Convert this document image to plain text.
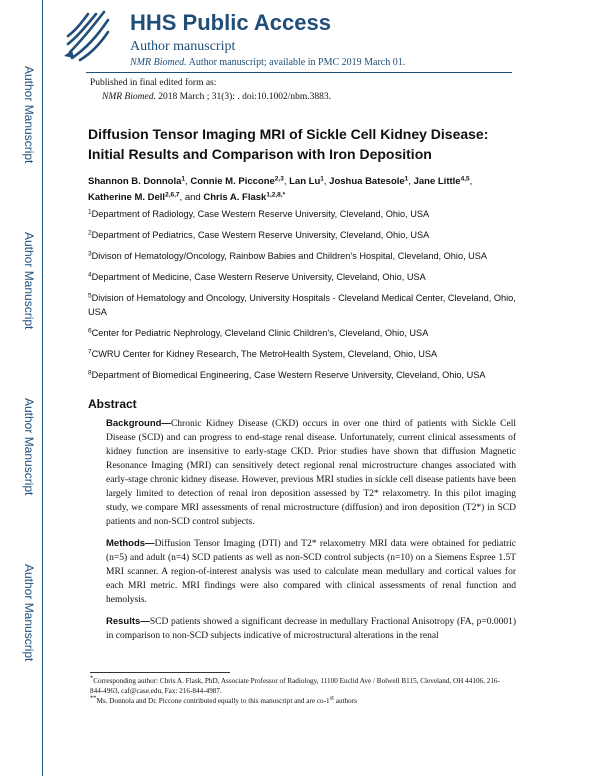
Author Manuscript
Author Manuscript
Author Manuscript
Author Manuscript
HHS Public Access
Author manuscript
NMR Biomed. Author manuscript; available in PMC 2019 March 01.
Published in final edited form as:
NMR Biomed. 2018 March ; 31(3): . doi:10.1002/nbm.3883.
Diffusion Tensor Imaging MRI of Sickle Cell Kidney Disease: Initial Results and Comparison with Iron Deposition
Shannon B. Donnola$^1$, Connie M. Piccone$^{2,3}$, Lan Lu$^1$, Joshua Batesole$^1$, Jane Little$^{4,5}$,
Katherine M. Dell$^{2,6,7}$, and Chris A. Flask$^{1,2,8,*}$
$^1$Department of Radiology, Case Western Reserve University, Cleveland, Ohio, USA
$^2$Department of Pediatrics, Case Western Reserve University, Cleveland, Ohio, USA
$^3$Divison of Hematology/Oncology, Rainbow Babies and Children’s Hospital, Cleveland, Ohio, USA
$^4$Department of Medicine, Case Western Reserve University, Cleveland, Ohio, USA
$^5$Division of Hematology and Oncology, University Hospitals - Cleveland Medical Center, Cleveland, Ohio, USA
$^6$Center for Pediatric Nephrology, Cleveland Clinic Children’s, Cleveland, Ohio, USA
$^7$CWRU Center for Kidney Research, The MetroHealth System, Cleveland, Ohio, USA
$^8$Department of Biomedical Engineering, Case Western Reserve University, Cleveland, Ohio, USA
Abstract

Background—Chronic Kidney Disease (CKD) occurs in over one third of patients with Sickle Cell Disease (SCD) and can progress to end-stage renal disease. Unfortunately, current clinical assessments of kidney function are insensitive to early-stage CKD. Prior studies have shown that diffusion Magnetic Resonance Imaging (MRI) can sensitively detect regional renal microstructure changes associated with early-stage chronic kidney disease. However, previous MRI studies in sickle cell disease patients have been largely limited to detection of renal iron deposition assessed by T2* relaxometry. In this pilot imaging study, we compare MRI assessments of renal microstructure (diffusion) and iron deposition (T2*) in SCD patients and non-SCD control subjects.

Methods—Diffusion Tensor Imaging (DTI) and T2* relaxometry MRI data were obtained for pediatric (n=5) and adult (n=4) SCD patients as well as non-SCD control subjects (n=10) on a Siemens Espree 1.5T MRI scanner. A region-of-interest analysis was used to calculate mean medullary and cortical values for each MRI metric. MRI findings were also compared with clinical assessments of renal function and hemolysis.

Results—SCD patients showed a significant decrease in medullary Fractional Anisotropy (FA, p=0.0001) in comparison to non-SCD subjects indicative of microstructural alterations in the renal

*Corresponding author: Chris A. Flask, PhD, Associate Professor of Radiology, 11100 Euclid Ave / Bolwell B115, Cleveland, OH 44106, 216-844-4963, caf@case.edu, Fax: 216-844-4987.
**Ms. Donnola and Dr. Piccone contributed equally to this manuscript and are co-1st authors
